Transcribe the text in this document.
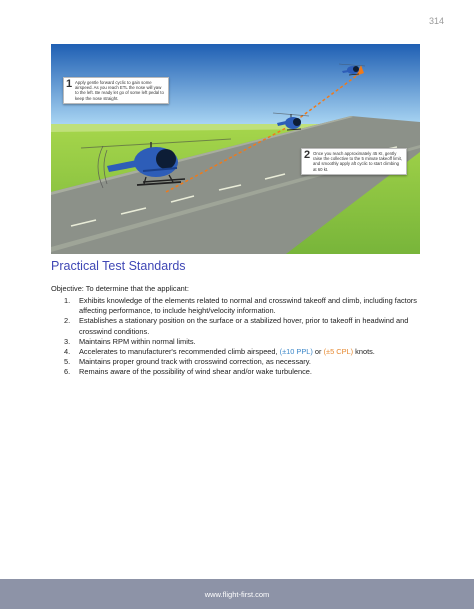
314
1 Apply gentle forward cyclic to gain some airspeed. As you reach ETL the nose will yaw to the left. Be ready let go of some left pedal to keep the nose straight.
2 Once you reach approximately 45 KI, gently raise the collective to the 5 minute takeoff limit, and smoothly apply aft cyclic to start climbing at 60 kt.
Practical Test Standards

Objective: To determine that the applicant:

1. Exhibits knowledge of the elements related to normal and crosswind takeoff and climb, including factors affecting performance, to include height/velocity information.
2. Establishes a stationary position on the surface or a stabilized hover, prior to takeoff in headwind and crosswind conditions.
3. Maintains RPM within normal limits.
4. Accelerates to manufacturer's recommended climb airspeed, (±10 PPL) or (±5 CPL) knots.
5. Maintains proper ground track with crosswind correction, as necessary.
6. Remains aware of the possibility of wind shear and/or wake turbulence.
www.flight-first.com
